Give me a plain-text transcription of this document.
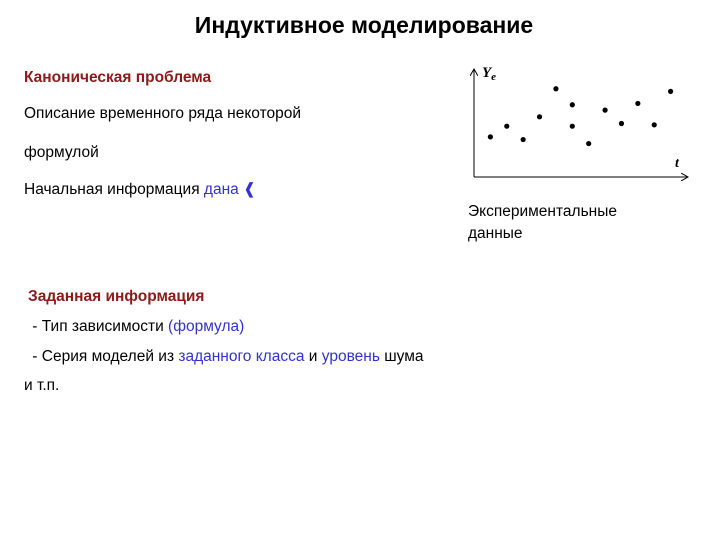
Индуктивное моделирование
Каноническая проблема
Описание временного ряда некоторой
формулой
Начальная информация дана ❰
$Y_e$
t
Экспериментальные
данные
Заданная информация
- Тип зависимости (формула)
- Серия моделей из заданного класса и уровень шума
и т.п.
